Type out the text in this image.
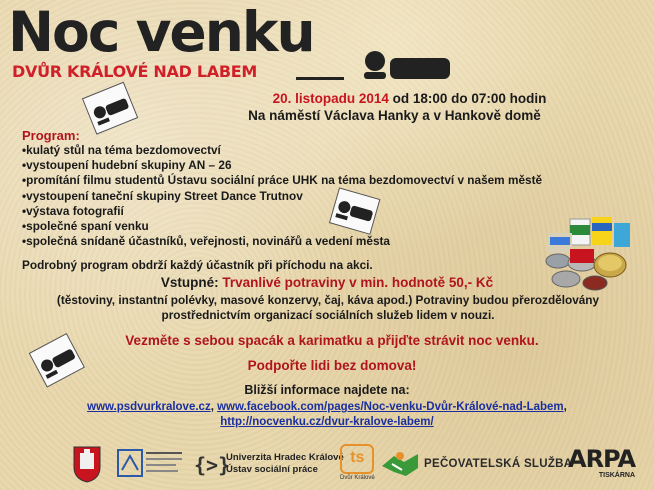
Noc venku
DVŮR KRÁLOVÉ NAD LABEM
20. listopadu 2014 od 18:00 do 07:00 hodin
Na náměstí Václava Hanky a v Hankově domě
Program:
•kulatý stůl na téma bezdomovectví
•vystoupení hudební skupiny AN – 26
•promítání filmu studentů Ústavu sociální práce UHK na téma bezdomovectví v našem městě
•vystoupení taneční skupiny Street Dance Trutnov
•výstava fotografií
•společné spaní venku
•společná snídaně účastníků, veřejnosti, novinářů a vedení města
Podrobný program obdrží každý účastník při příchodu na akci.
Vstupné: Trvanlivé potraviny v min. hodnotě 50,- Kč
(těstoviny, instantní polévky, masové konzervy, čaj, káva apod.) Potraviny budou přerozdělovány prostřednictvím organizací sociálních služeb lidem v nouzi.
Vezměte s sebou spacák a karimatku a přijďte strávit noc venku.
Podpořte lidi bez domova!
Bližší informace najdete na:
www.psdvurkralove.cz, www.facebook.com/pages/Noc-venku-Dvůr-Králové-nad-Labem,
http://nocvenku.cz/dvur-kralove-labem/
{>}
Univerzita Hradec Králové
Ústav sociální práce
ts
Dvůr Králové
PEČOVATELSKÁ SLUŽBA
ARPA
TISKÁRNA
